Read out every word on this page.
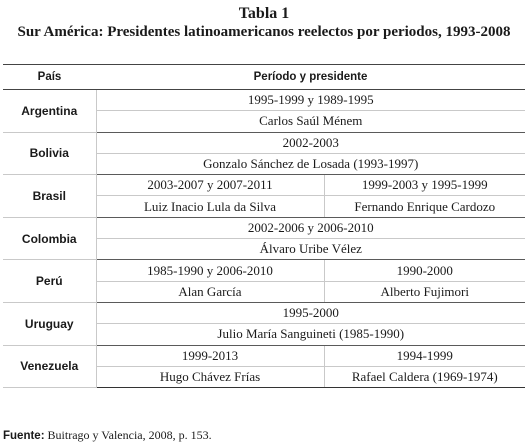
Tabla 1
Sur América: Presidentes latinoamericanos reelectos por periodos, 1993-2008
País	Período y presidente	
Argentina	1995-1999 y 1989-1995	
	Carlos Saúl Ménem	
Bolivia	2002-2003	
	Gonzalo Sánchez de Losada (1993-1997)	
Brasil	2003-2007 y 2007-2011	1999-2003 y 1995-1999
	Luiz Inacio Lula da Silva	Fernando Enrique Cardozo
Colombia	2002-2006 y 2006-2010	
	Álvaro Uribe Vélez	
Perú	1985-1990 y 2006-2010	1990-2000
	Alan García	Alberto Fujimori
Uruguay	1995-2000	
	Julio María Sanguineti (1985-1990)	
Venezuela	1999-2013	1994-1999
	Hugo Chávez Frías	Rafael Caldera (1969-1974)
Fuente: Buitrago y Valencia, 2008, p. 153.
